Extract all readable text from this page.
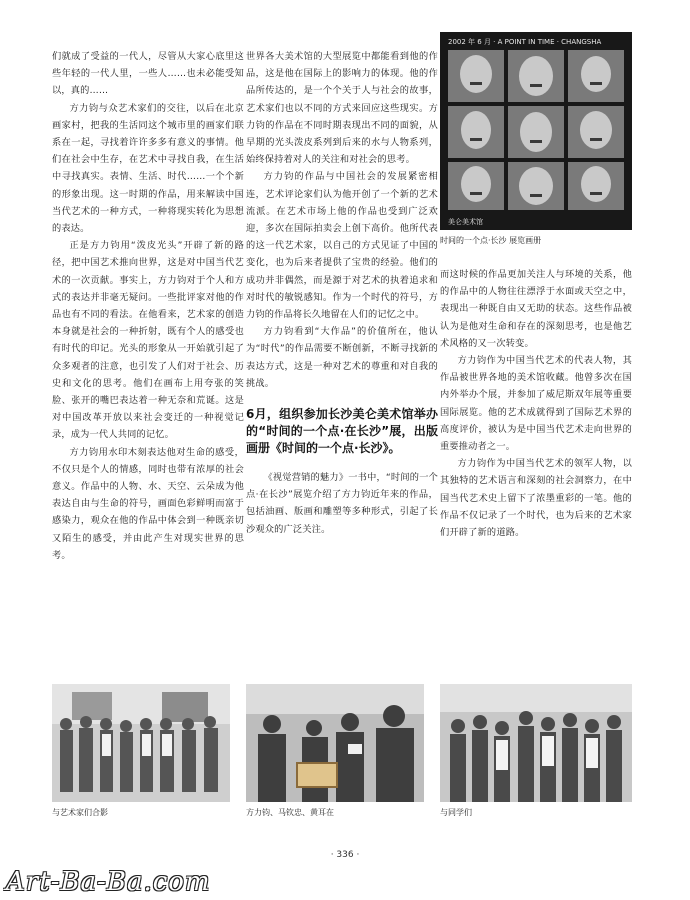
们就成了受益的一代人，尽管从大家心底里这些年轻的一代人里，一些人……也未必能受知以，真的……

方力钧与众艺术家们的交往，以后在北京画家村，把我的生活同这个城市里的画家们联系在一起，寻找着许许多多有意义的事情。他们在社会中生存，在艺术中寻找自我，在生活中寻找真实。表情、生活、时代……一个个新的形象出现。这一时期的作品，用来解读中国当代艺术的一种方式，一种将现实转化为思想的表达。

正是方力钧用“泼皮光头”开辟了新的路径，把中国艺术推向世界，这是对中国当代艺术的一次贡献。事实上，方力钧对于个人和方式的表达并非毫无疑问。一些批评家对他的作品也有不同的看法。在他看来，艺术家的创造本身就是社会的一种折射，既有个人的感受也有时代的印记。光头的形象从一开始就引起了众多观者的注意，也引发了人们对于社会、历史和文化的思考。他们在画布上用夸张的笑脸、张开的嘴巴表达着一种无奈和荒诞。这是对中国改革开放以来社会变迁的一种视觉记录，成为一代人共同的记忆。

方力钧用水印木刻表达他对生命的感受，不仅只是个人的情感，同时也带有浓厚的社会意义。作品中的人物、水、天空、云朵成为他表达自由与生命的符号，画面色彩鲜明而富于感染力，观众在他的作品中体会到一种既亲切又陌生的感受，并由此产生对现实世界的思考。

世界各大美术馆的大型展览中都能看到他的作品，这是他在国际上的影响力的体现。他的作品所传达的，是一个个关于人与社会的故事，艺术家们也以不同的方式来回应这些现实。方力钧的作品在不同时期表现出不同的面貌，从早期的光头泼皮系列到后来的水与人物系列，始终保持着对人的关注和对社会的思考。

方力钧的作品与中国社会的发展紧密相连，艺术评论家们认为他开创了一个新的艺术流派。在艺术市场上他的作品也受到广泛欢迎，多次在国际拍卖会上创下高价。他所代表的这一代艺术家，以自己的方式见证了中国的变化，也为后来者提供了宝贵的经验。他们的成功并非偶然，而是源于对艺术的执着追求和对时代的敏锐感知。作为一个时代的符号，方力钧的作品将长久地留在人们的记忆之中。

方力钧看到“大作品”的价值所在，他认为“时代”的作品需要不断创新，不断寻找新的表达方式，这是一种对艺术的尊重和对自我的挑战。

6月，组织参加长沙美仑美术馆举办的“时间的一个点·在长沙”展，出版画册《时间的一个点·长沙》。

《视觉营销的魅力》一书中，“时间的一个点·在长沙”展览介绍了方力钧近年来的作品，包括油画、版画和雕塑等多种形式，引起了长沙观众的广泛关注。

2002 年 6 月 · A POINT IN TIME · CHANGSHA
美仑美术馆
时间的一个点·长沙 展览画册

而这时候的作品更加关注人与环境的关系，他的作品中的人物往往漂浮于水面或天空之中，表现出一种既自由又无助的状态。这些作品被认为是他对生命和存在的深刻思考，也是他艺术风格的又一次转变。

方力钧作为中国当代艺术的代表人物，其作品被世界各地的美术馆收藏。他曾多次在国内外举办个展，并参加了威尼斯双年展等重要国际展览。他的艺术成就得到了国际艺术界的高度评价，被认为是中国当代艺术走向世界的重要推动者之一。

方力钧作为中国当代艺术的领军人物，以其独特的艺术语言和深刻的社会洞察力，在中国当代艺术史上留下了浓墨重彩的一笔。他的作品不仅记录了一个时代，也为后来的艺术家们开辟了新的道路。

与艺术家们合影	方力钧、马钦忠、黄耳在	与同学们
· 336 ·
Art-Ba-Ba.com
